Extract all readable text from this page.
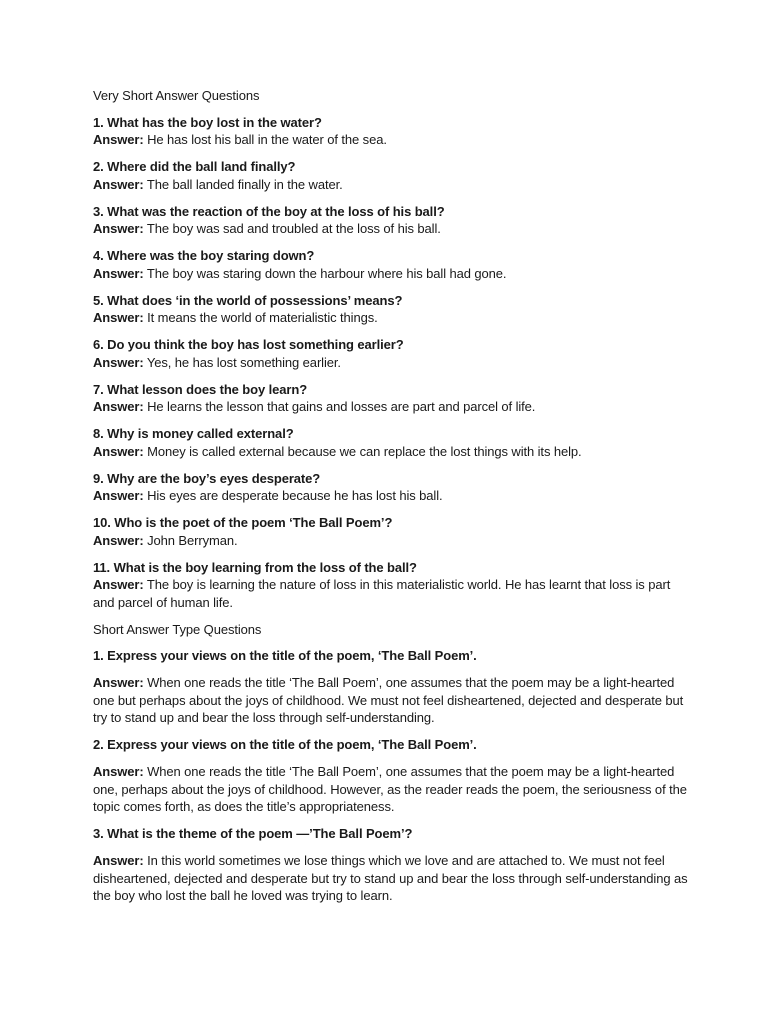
Very Short Answer Questions
1. What has the boy lost in the water?
Answer: He has lost his ball in the water of the sea.
2. Where did the ball land finally?
Answer: The ball landed finally in the water.
3. What was the reaction of the boy at the loss of his ball?
Answer: The boy was sad and troubled at the loss of his ball.
4. Where was the boy staring down?
Answer: The boy was staring down the harbour where his ball had gone.
5. What does ‘in the world of possessions’ means?
Answer: It means the world of materialistic things.
6. Do you think the boy has lost something earlier?
Answer: Yes, he has lost something earlier.
7. What lesson does the boy learn?
Answer: He learns the lesson that gains and losses are part and parcel of life.
8. Why is money called external?
Answer: Money is called external because we can replace the lost things with its help.
9. Why are the boy’s eyes desperate?
Answer: His eyes are desperate because he has lost his ball.
10. Who is the poet of the poem ‘The Ball Poem’?
Answer: John Berryman.
11. What is the boy learning from the loss of the ball?
Answer: The boy is learning the nature of loss in this materialistic world. He has learnt that loss is part and parcel of human life.
Short Answer Type Questions
1. Express your views on the title of the poem, ‘The Ball Poem’.
Answer: When one reads the title ‘The Ball Poem’, one assumes that the poem may be a light-hearted one but perhaps about the joys of childhood. We must not feel disheartened, dejected and desperate but try to stand up and bear the loss through self-understanding.
2. Express your views on the title of the poem, ‘The Ball Poem’.
Answer: When one reads the title ‘The Ball Poem’, one assumes that the poem may be a light-hearted one, perhaps about the joys of childhood. However, as the reader reads the poem, the seriousness of the topic comes forth, as does the title’s appropriateness.
3. What is the theme of the poem —’The Ball Poem’?
Answer: In this world sometimes we lose things which we love and are attached to. We must not feel disheartened, dejected and desperate but try to stand up and bear the loss through self-understanding as the boy who lost the ball he loved was trying to learn.
